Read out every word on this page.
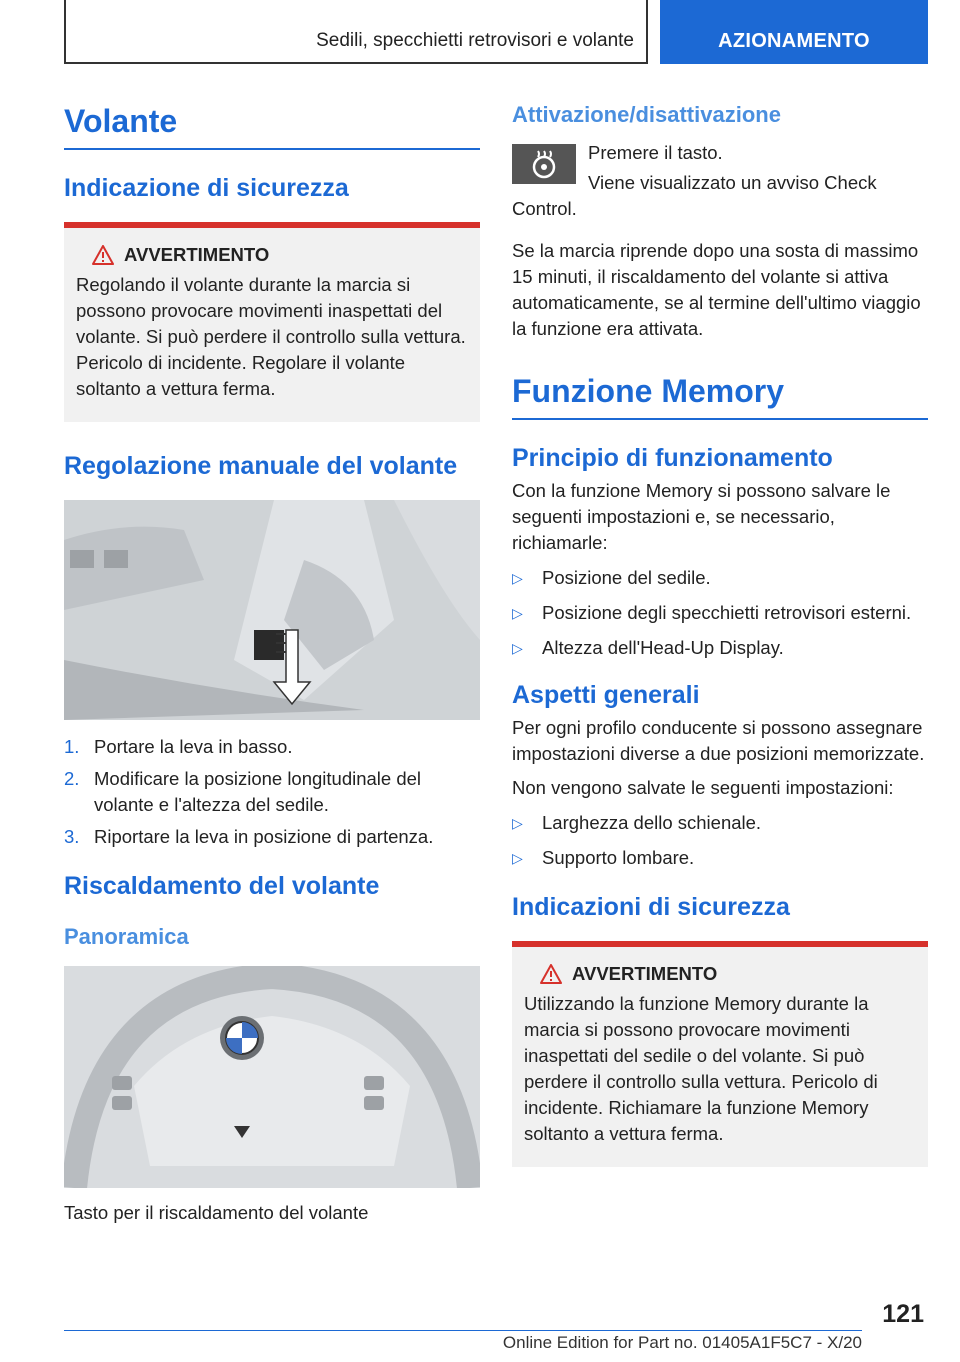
Sedili, specchietti retrovisori e volante	AZIONAMENTO
Volante
Indicazione di sicurezza
AVVERTIMENTO

Regolando il volante durante la marcia si possono provocare movimenti inaspettati del volante. Si può perdere il controllo sulla vettura. Pericolo di incidente. Regolare il volante soltanto a vettura ferma.

Regolazione manuale del volante
1. Portare la leva in basso.
2. Modificare la posizione longitudinale del volante e l'altezza del sedile.
3. Riportare la leva in posizione di partenza.
Riscaldamento del volante
Panoramica

Tasto per il riscaldamento del volante

Attivazione/disattivazione

Premere il tasto.

Viene visualizzato un avviso Check Control.

Se la marcia riprende dopo una sosta di massimo 15 minuti, il riscaldamento del volante si attiva automaticamente, se al termine dell'ultimo viaggio la funzione era attivata.

Funzione Memory
Principio di funzionamento

Con la funzione Memory si possono salvare le seguenti impostazioni e, se necessario, richiamarle:

▷ Posizione del sedile.
▷ Posizione degli specchietti retrovisori esterni.
▷ Altezza dell'Head-Up Display.
Aspetti generali

Per ogni profilo conducente si possono assegnare impostazioni diverse a due posizioni memorizzate.

Non vengono salvate le seguenti impostazioni:

▷ Larghezza dello schienale.
▷ Supporto lombare.
Indicazioni di sicurezza
AVVERTIMENTO

Utilizzando la funzione Memory durante la marcia si possono provocare movimenti inaspettati del sedile o del volante. Si può perdere il controllo sulla vettura. Pericolo di incidente. Richiamare la funzione Memory soltanto a vettura ferma.

121
Online Edition for Part no. 01405A1F5C7 - X/20
